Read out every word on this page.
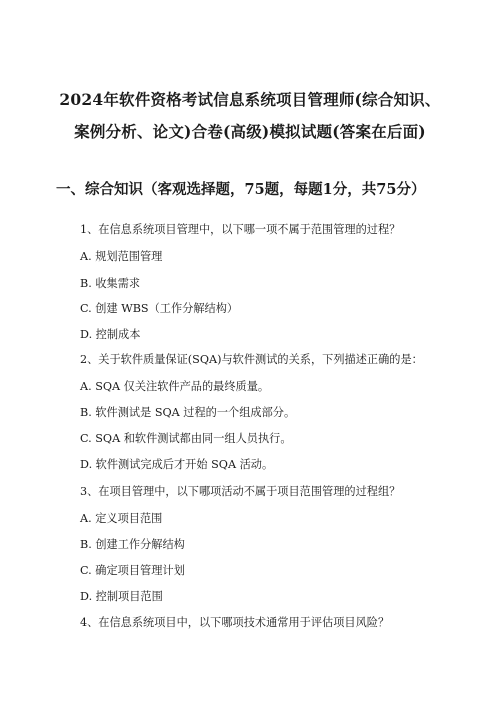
2024年软件资格考试信息系统项目管理师(综合知识、
案例分析、论文)合卷(高级)模拟试题(答案在后面)
一、综合知识（客观选择题，75题，每题1分，共75分）
1、在信息系统项目管理中，以下哪一项不属于范围管理的过程？
A. 规划范围管理
B. 收集需求
C. 创建 WBS（工作分解结构）
D. 控制成本
2、关于软件质量保证(SQA)与软件测试的关系，下列描述正确的是：
A. SQA 仅关注软件产品的最终质量。
B. 软件测试是 SQA 过程的一个组成部分。
C. SQA 和软件测试都由同一组人员执行。
D. 软件测试完成后才开始 SQA 活动。
3、在项目管理中，以下哪项活动不属于项目范围管理的过程组？
A. 定义项目范围
B. 创建工作分解结构
C. 确定项目管理计划
D. 控制项目范围
4、在信息系统项目中，以下哪项技术通常用于评估项目风险？
